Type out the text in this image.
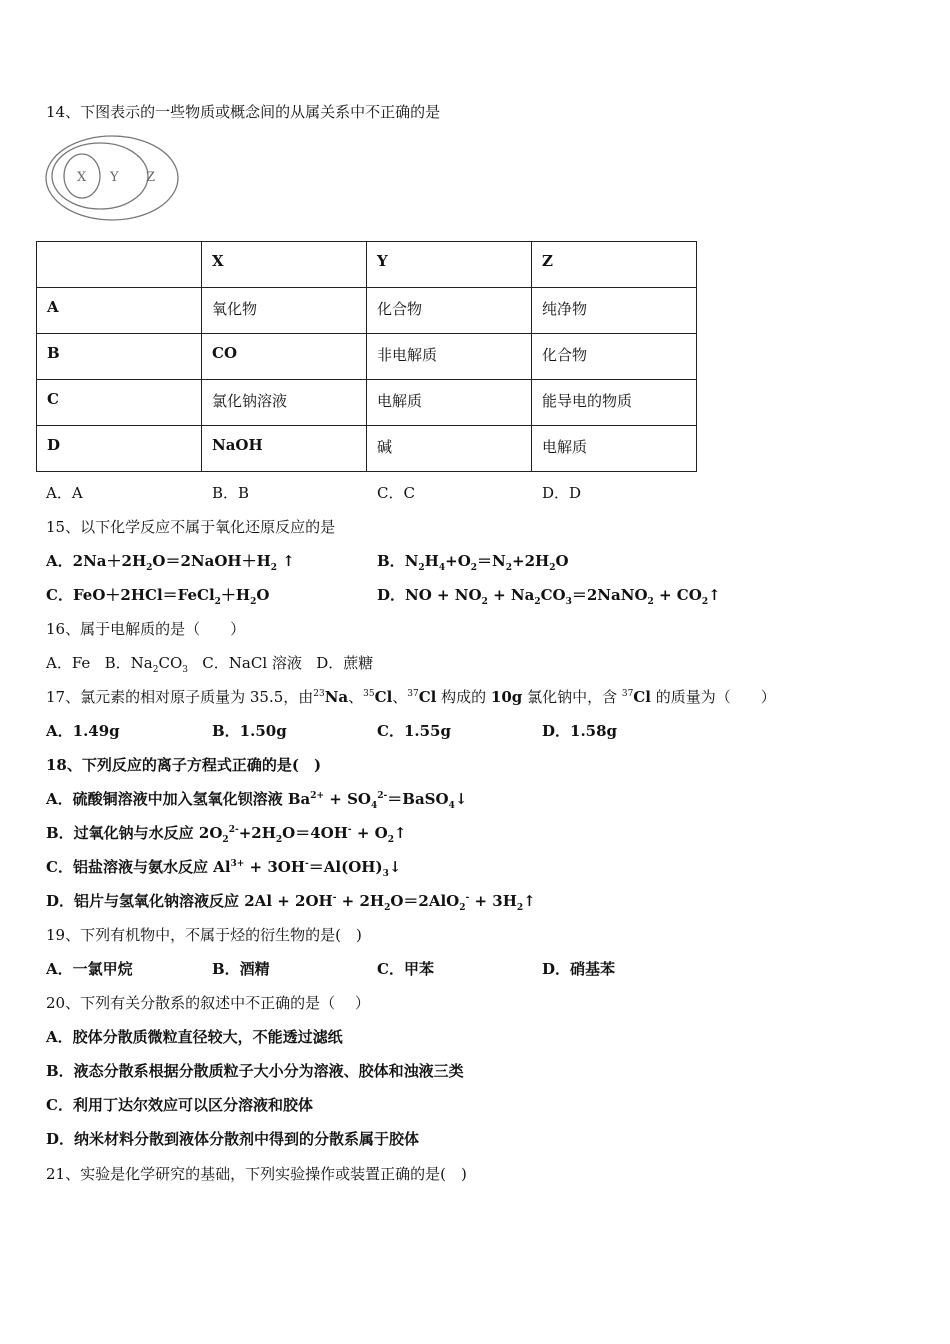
14、下图表示的一些物质或概念间的从属关系中不正确的是
X Y Z
	X	Y	Z
A	氧化物	化合物	纯净物
B	CO	非电解质	化合物
C	氯化钠溶液	电解质	能导电的物质
D	NaOH	碱	电解质
A．A	B．B	C．C	D．D
15、以下化学反应不属于氧化还原反应的是
A．$2Na+2H_2O=2NaOH+H_2$ ↑	B．$N_2H_4+O_2=N_2+2H_2O$
C．$FeO+2HCl=FeCl_2+H_2O$	D．NO + $NO_2$ + $Na_2CO_3=2NaNO_2$ + $CO_2↑$
16、属于电解质的是（　　）
A．Fe B．$Na_2CO_3$ C．NaCl 溶液 D．蔗糖
17、氯元素的相对原子质量为 35.5，由$^{23}$Na、$^{35}$Cl、$^{37}$Cl 构成的 10g 氯化钠中，含 $^{37}$Cl 的质量为（　　）
A．1.49g	B．1.50g	C．1.55g	D．1.58g
18、下列反应的离子方程式正确的是(　)
A．硫酸铜溶液中加入氢氧化钡溶液 $Ba^{2+}$ + $SO_4^{2-}=BaSO_4↓$
B．过氧化钠与水反应 $2O_2^{2-}+2H_2O=4OH^-$ + $O_2↑$
C．铝盐溶液与氨水反应 $Al^{3+}$ + $3OH^-=Al(OH)_3↓$
D．铝片与氢氧化钠溶液反应 $2Al + 2OH^- + 2H_2O=2AlO_2^-$ + $3H_2↑$
19、下列有机物中，不属于烃的衍生物的是(　)
A．一氯甲烷	B．酒精	C．甲苯	D．硝基苯
20、下列有关分散系的叙述中不正确的是（　 ）
A．胶体分散质微粒直径较大，不能透过滤纸
B．液态分散系根据分散质粒子大小分为溶液、胶体和浊液三类
C．利用丁达尔效应可以区分溶液和胶体
D．纳米材料分散到液体分散剂中得到的分散系属于胶体
21、实验是化学研究的基础，下列实验操作或装置正确的是(　)
